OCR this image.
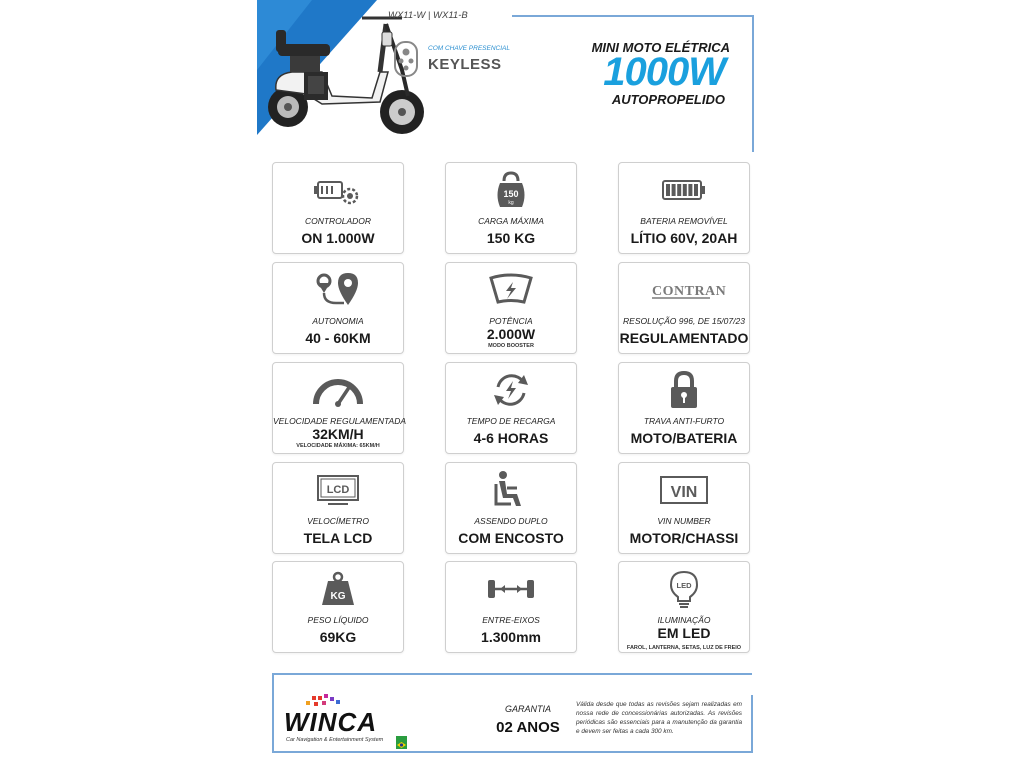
WX11-W | WX11-B
COM CHAVE PRESENCIAL
KEYLESS
MINI MOTO ELÉTRICA
1000W
AUTOPROPELIDO
CONTROLADOR
ON 1.000W
150
kg
CARGA MÁXIMA
150 KG
BATERIA REMOVÍVEL
LÍTIO 60V, 20AH
AUTONOMIA
40 - 60KM
POTÊNCIA
2.000W
MODO BOOSTER
CONTRAN
RESOLUÇÃO 996, DE 15/07/23
REGULAMENTADO
VELOCIDADE REGULAMENTADA
32KM/H
VELOCIDADE MÁXIMA: 65KM/H
TEMPO DE RECARGA
4-6 HORAS
TRAVA ANTI-FURTO
MOTO/BATERIA
LCD
VELOCÍMETRO
TELA LCD
ASSENDO DUPLO
COM ENCOSTO
VIN
VIN NUMBER
MOTOR/CHASSI
KG
PESO LÍQUIDO
69KG
ENTRE-EIXOS
1.300mm
LED
ILUMINAÇÃO
EM LED
FAROL, LANTERNA, SETAS, LUZ DE FREIO
WINCA
Car Navigation & Entertainment System
GARANTIA
02 ANOS
Válida desde que todas as revisões sejam realizadas em nossa rede de concessionárias autorizadas. As revisões periódicas são essenciais para a manutenção da garantia e devem ser feitas a cada 300 km.
